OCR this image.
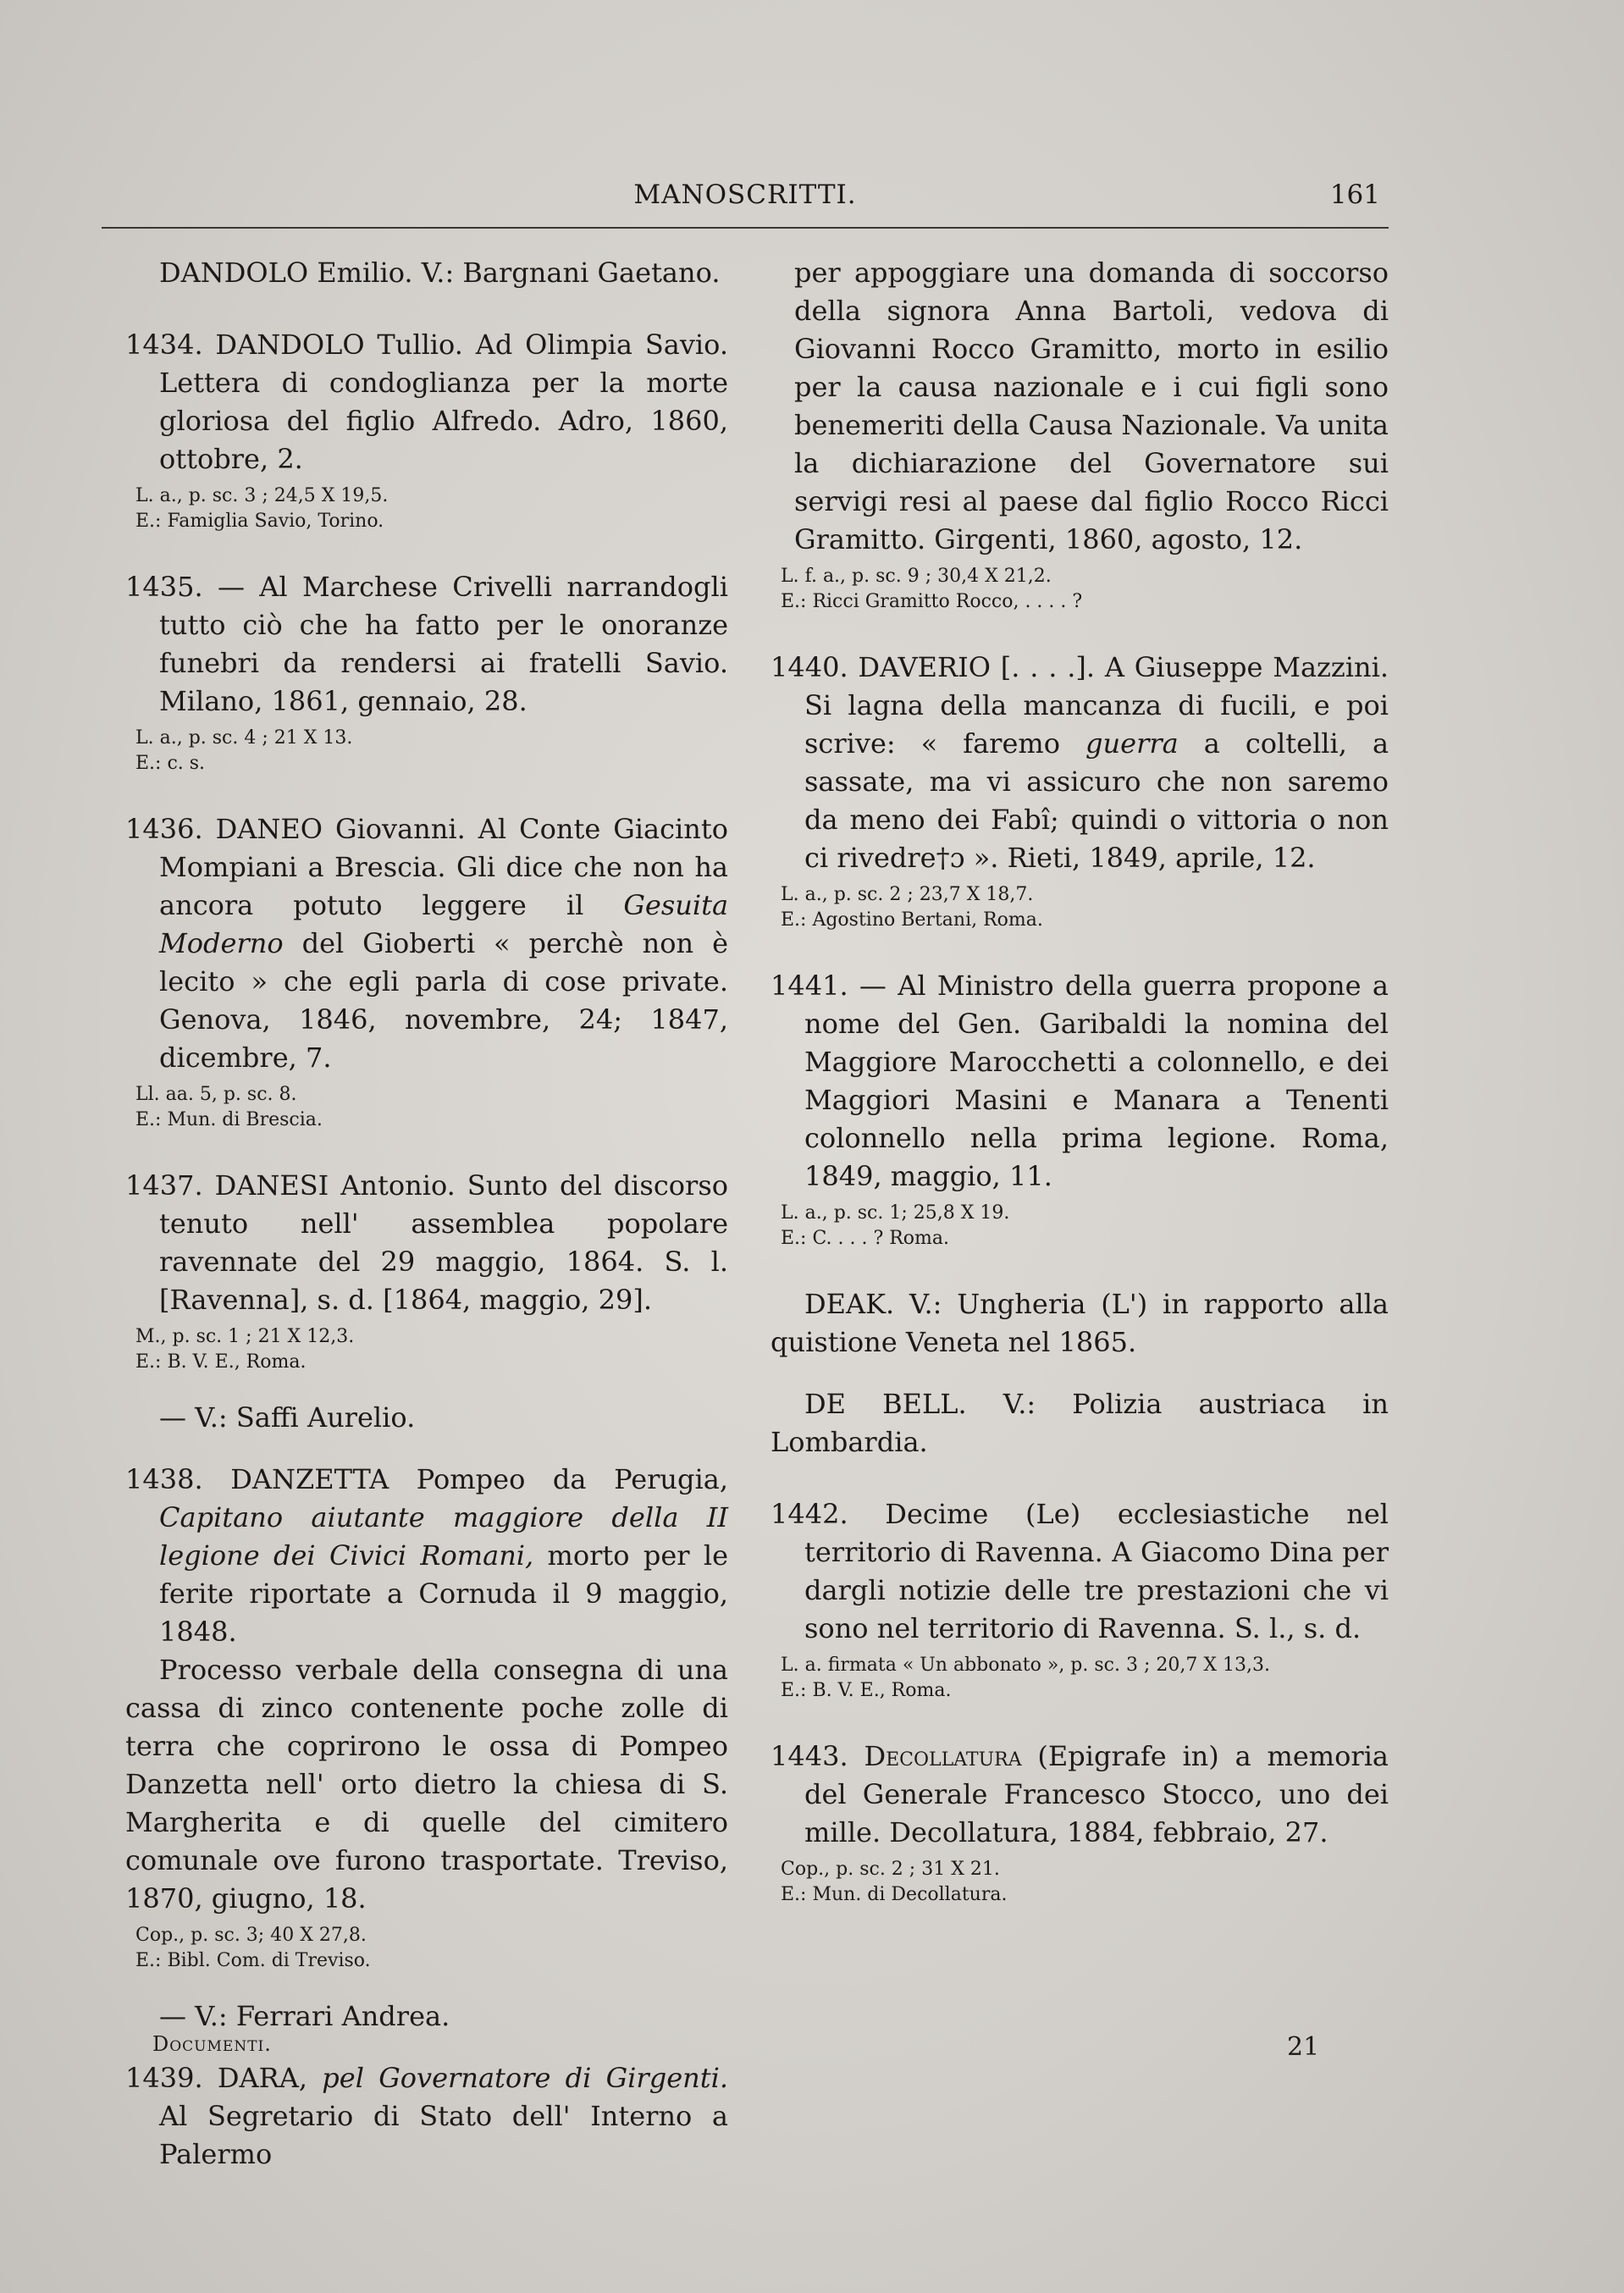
MANOSCRITTI.	161
DANDOLO Emilio. V.: Bargnani Gaetano.
1434. DANDOLO Tullio. Ad Olimpia Savio. Lettera di condoglianza per la morte gloriosa del figlio Alfredo. Adro, 1860, ottobre, 2.
L. a., p. sc. 3 ; 24,5 X 19,5.
E.: Famiglia Savio, Torino.
1435. — Al Marchese Crivelli narrandogli tutto ciò che ha fatto per le onoranze funebri da rendersi ai fratelli Savio. Milano, 1861, gennaio, 28.
L. a., p. sc. 4 ; 21 X 13.
E.: c. s.
1436. DANEO Giovanni. Al Conte Giacinto Mompiani a Brescia. Gli dice che non ha ancora potuto leggere il Gesuita Moderno del Gioberti « perchè non è lecito » che egli parla di cose private. Genova, 1846, novembre, 24; 1847, dicembre, 7.
Ll. aa. 5, p. sc. 8.
E.: Mun. di Brescia.
1437. DANESI Antonio. Sunto del discorso tenuto nell' assemblea popolare ravennate del 29 maggio, 1864. S. l. [Ravenna], s. d. [1864, maggio, 29].
M., p. sc. 1 ; 21 X 12,3.
E.: B. V. E., Roma.
— V.: Saffi Aurelio.
1438. DANZETTA Pompeo da Perugia, Capitano aiutante maggiore della II legione dei Civici Romani, morto per le ferite riportate a Cornuda il 9 maggio, 1848.
Processo verbale della consegna di una cassa di zinco contenente poche zolle di terra che coprirono le ossa di Pompeo Danzetta nell' orto dietro la chiesa di S. Margherita e di quelle del cimitero comunale ove furono trasportate. Treviso, 1870, giugno, 18.
Cop., p. sc. 3; 40 X 27,8.
E.: Bibl. Com. di Treviso.
— V.: Ferrari Andrea.
1439. DARA, pel Governatore di Girgenti. Al Segretario di Stato dell' Interno a Palermo
per appoggiare una domanda di soccorso della signora Anna Bartoli, vedova di Giovanni Rocco Gramitto, morto in esilio per la causa nazionale e i cui figli sono benemeriti della Causa Nazionale. Va unita la dichiarazione del Governatore sui servigi resi al paese dal figlio Rocco Ricci Gramitto. Girgenti, 1860, agosto, 12.
L. f. a., p. sc. 9 ; 30,4 X 21,2.
E.: Ricci Gramitto Rocco, . . . . ?
1440. DAVERIO [. . . .]. A Giuseppe Mazzini. Si lagna della mancanza di fucili, e poi scrive: « faremo guerra a coltelli, a sassate, ma vi assicuro che non saremo da meno dei Fabî; quindi o vittoria o non ci rivedre†ɔ ». Rieti, 1849, aprile, 12.
L. a., p. sc. 2 ; 23,7 X 18,7.
E.: Agostino Bertani, Roma.
1441. — Al Ministro della guerra propone a nome del Gen. Garibaldi la nomina del Maggiore Marocchetti a colonnello, e dei Maggiori Masini e Manara a Tenenti colonnello nella prima legione. Roma, 1849, maggio, 11.
L. a., p. sc. 1; 25,8 X 19.
E.: C. . . . ? Roma.
DEAK. V.: Ungheria (L') in rapporto alla quistione Veneta nel 1865.
DE BELL. V.: Polizia austriaca in Lombardia.
1442. Decime (Le) ecclesiastiche nel territorio di Ravenna. A Giacomo Dina per dargli notizie delle tre prestazioni che vi sono nel territorio di Ravenna. S. l., s. d.
L. a. firmata « Un abbonato », p. sc. 3 ; 20,7 X 13,3.
E.: B. V. E., Roma.
1443. Decollatura (Epigrafe in) a memoria del Generale Francesco Stocco, uno dei mille. Decollatura, 1884, febbraio, 27.
Cop., p. sc. 2 ; 31 X 21.
E.: Mun. di Decollatura.
Documenti.	21
